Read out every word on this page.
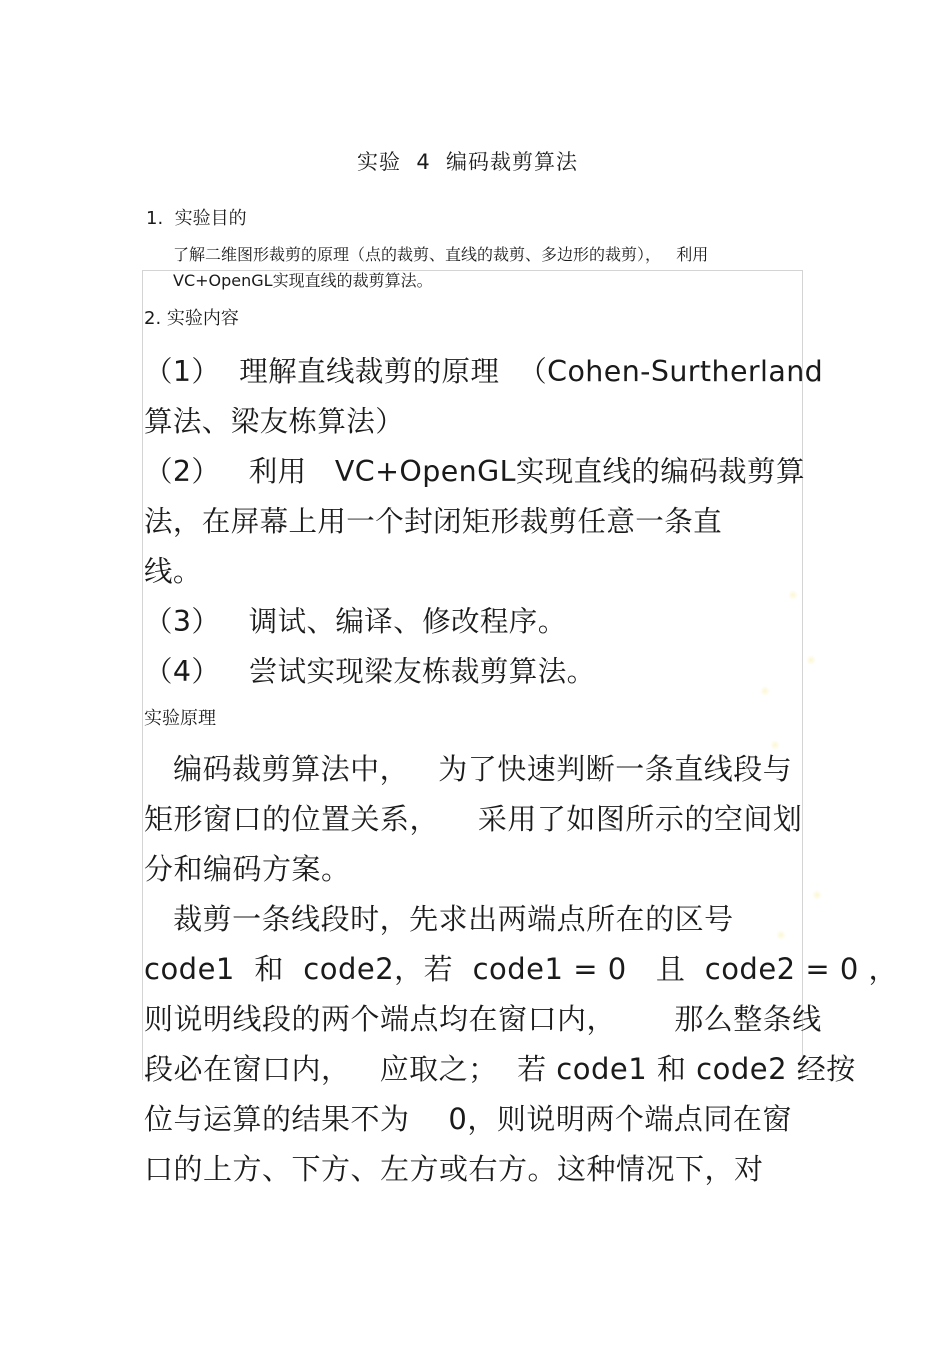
实验  4  编码裁剪算法
1.  实验目的
了解二维图形裁剪的原理（点的裁剪、直线的裁剪、多边形的裁剪），   利用
VC+OpenGL实现直线的裁剪算法。
2. 实验内容
（1）  理解直线裁剪的原理  （Cohen-Surtherland
算法、梁友栋算法）
（2）   利用   VC+OpenGL实现直线的编码裁剪算
法，在屏幕上用一个封闭矩形裁剪任意一条直
线。
（3）   调试、编译、修改程序。
（4）   尝试实现梁友栋裁剪算法。
实验原理
编码裁剪算法中，   为了快速判断一条直线段与
矩形窗口的位置关系，    采用了如图所示的空间划
分和编码方案。
裁剪一条线段时，先求出两端点所在的区号
code1  和  code2，若  code1 = 0   且  code2 = 0 ，
则说明线段的两个端点均在窗口内，      那么整条线
段必在窗口内，   应取之；  若 code1 和 code2 经按
位与运算的结果不为    0，则说明两个端点同在窗
口的上方、下方、左方或右方。这种情况下，对
